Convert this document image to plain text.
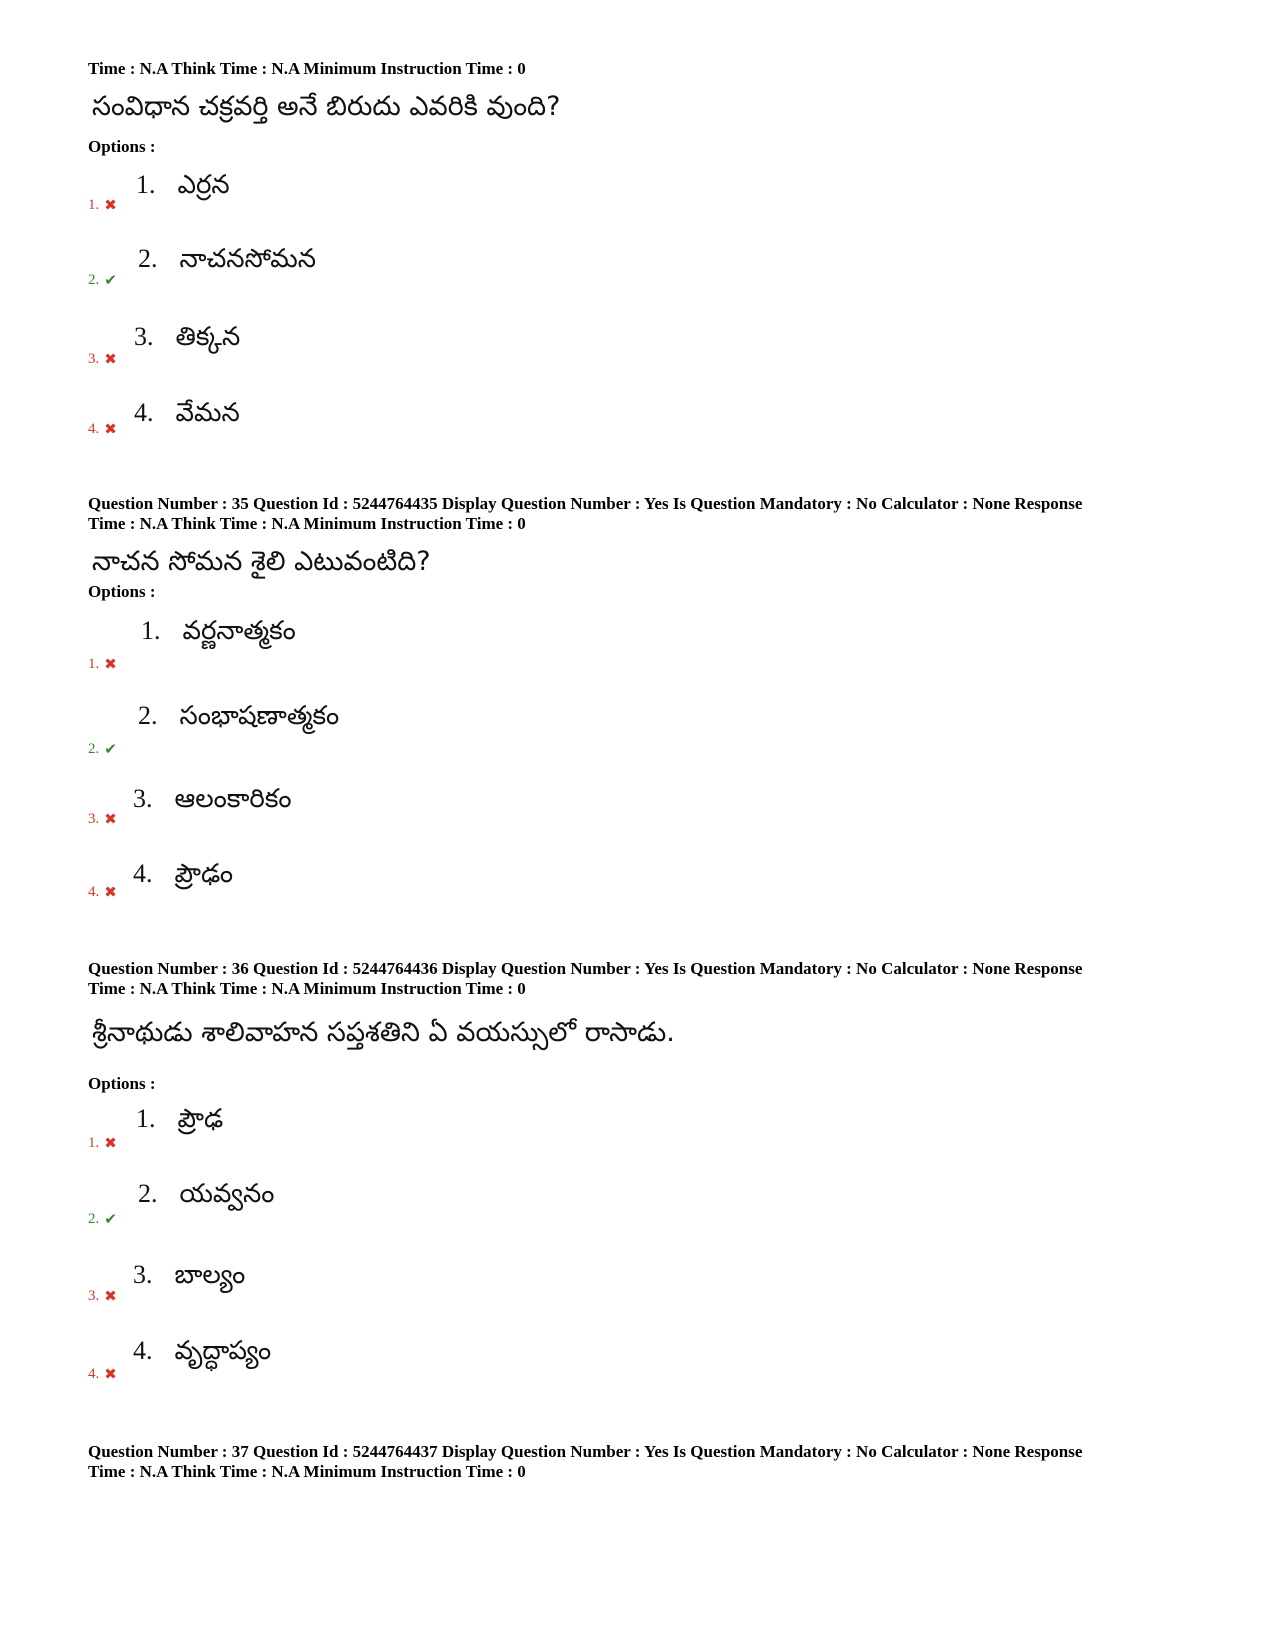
Time : N.A Think Time : N.A Minimum Instruction Time : 0
సంవిధాన చక్రవర్తి అనే బిరుదు ఎవరికి వుంది?
Options :
1. ✖
1. ఎర్రన
2. ✔
2. నాచనసోమన
3. ✖
3. తిక్కన
4. ✖
4. వేమన
Question Number : 35 Question Id : 5244764435 Display Question Number : Yes Is Question Mandatory : No Calculator : None Response
Time : N.A Think Time : N.A Minimum Instruction Time : 0
నాచన సోమన శైలి ఎటువంటిది?
Options :
1. ✖
1. వర్ణనాత్మకం
2. ✔
2. సంభాషణాత్మకం
3. ✖
3. ఆలంకారికం
4. ✖
4. ప్రౌఢం
Question Number : 36 Question Id : 5244764436 Display Question Number : Yes Is Question Mandatory : No Calculator : None Response
Time : N.A Think Time : N.A Minimum Instruction Time : 0
శ్రీనాథుడు శాలివాహన సప్తశతిని ఏ వయస్సులో రాసాడు.
Options :
1. ✖
1. ప్రౌఢ
2. ✔
2. యవ్వనం
3. ✖
3. బాల్యం
4. ✖
4. వృద్ధాప్యం
Question Number : 37 Question Id : 5244764437 Display Question Number : Yes Is Question Mandatory : No Calculator : None Response
Time : N.A Think Time : N.A Minimum Instruction Time : 0
